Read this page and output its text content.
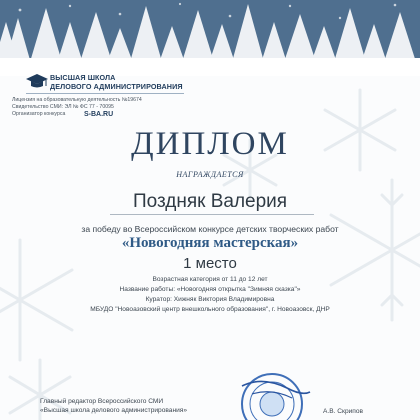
ВЫСШАЯ ШКОЛА
ДЕЛОВОГО АДМИНИСТРИРОВАНИЯ
Лицензия на образовательную деятельность №19674
Свидетельство СМИ: ЭЛ № ФС 77 - 70095
Организатор конкурса	S-BA.RU
ДИПЛОМ
НАГРАЖДАЕТСЯ
Поздняк Валерия
за победу во Всероссийском конкурсе детских творческих работ
«Новогодняя мастерская»
1 место
Возрастная категория от 11 до 12 лет
Название работы: «Новогодняя открытка "Зимняя сказка"»
Куратор: Хижняк Виктория Владимировна
МБУДО "Новоазовский центр внешкольного образования", г. Новоазовск, ДНР
Главный редактор Всероссийского СМИ
«Высшая школа делового администрирования»	А.В. Скрипов
